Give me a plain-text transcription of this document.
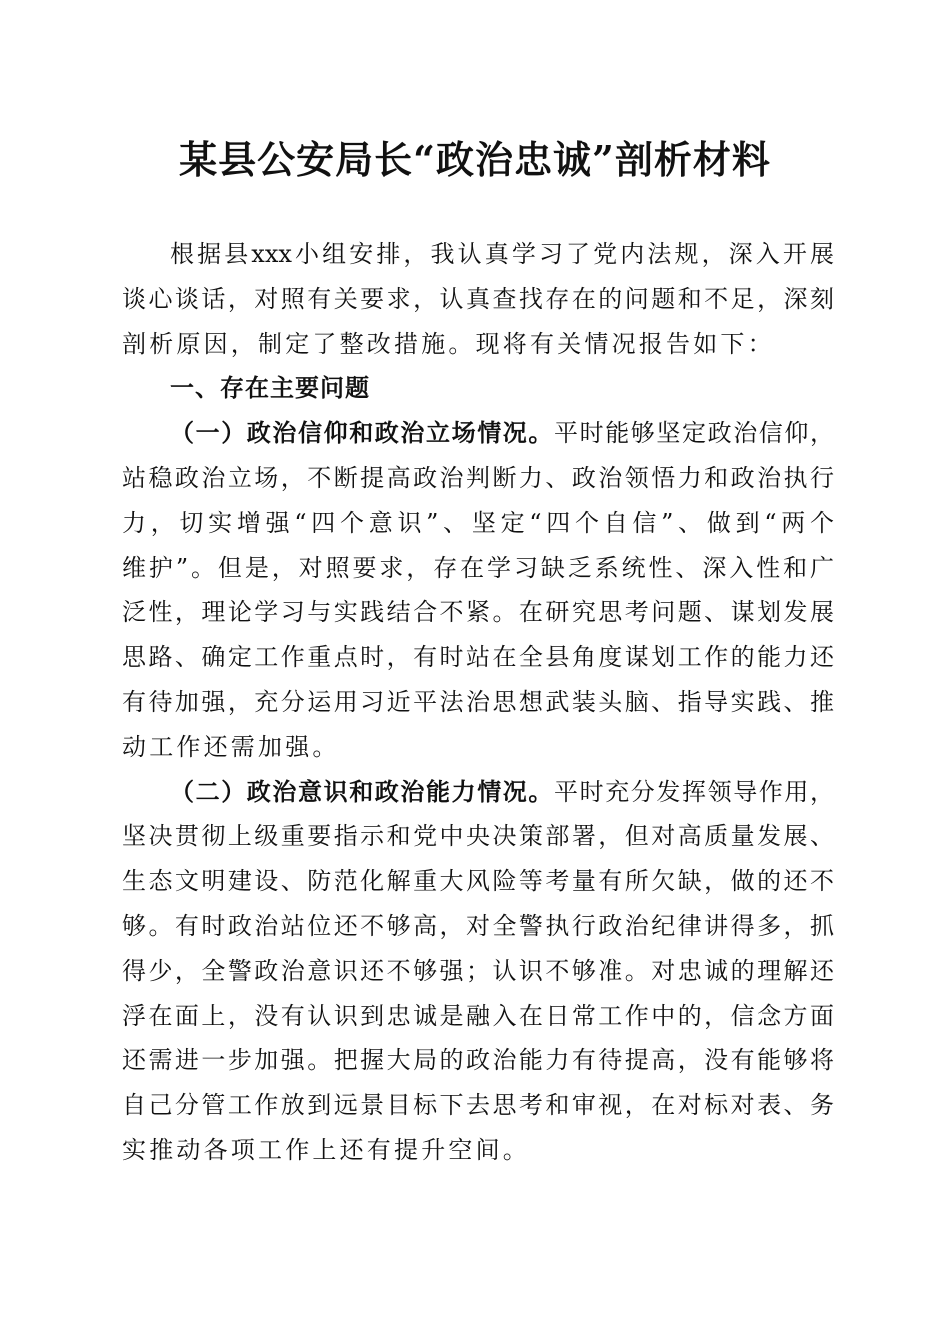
某县公安局长“政治忠诚”剖析材料
根据县xxx小组安排，我认真学习了党内法规，深入开展
谈心谈话，对照有关要求，认真查找存在的问题和不足，深刻
剖析原因，制定了整改措施。现将有关情况报告如下：
一、存在主要问题
（一）政治信仰和政治立场情况。平时能够坚定政治信仰，
站稳政治立场，不断提高政治判断力、政治领悟力和政治执行
力，切实增强“四个意识”、坚定“四个自信”、做到“两个
维护”。但是，对照要求，存在学习缺乏系统性、深入性和广
泛性，理论学习与实践结合不紧。在研究思考问题、谋划发展
思路、确定工作重点时，有时站在全县角度谋划工作的能力还
有待加强，充分运用习近平法治思想武装头脑、指导实践、推
动工作还需加强。
（二）政治意识和政治能力情况。平时充分发挥领导作用，
坚决贯彻上级重要指示和党中央决策部署，但对高质量发展、
生态文明建设、防范化解重大风险等考量有所欠缺，做的还不
够。有时政治站位还不够高，对全警执行政治纪律讲得多，抓
得少，全警政治意识还不够强；认识不够准。对忠诚的理解还
浮在面上，没有认识到忠诚是融入在日常工作中的，信念方面
还需进一步加强。把握大局的政治能力有待提高，没有能够将
自己分管工作放到远景目标下去思考和审视，在对标对表、务
实推动各项工作上还有提升空间。
